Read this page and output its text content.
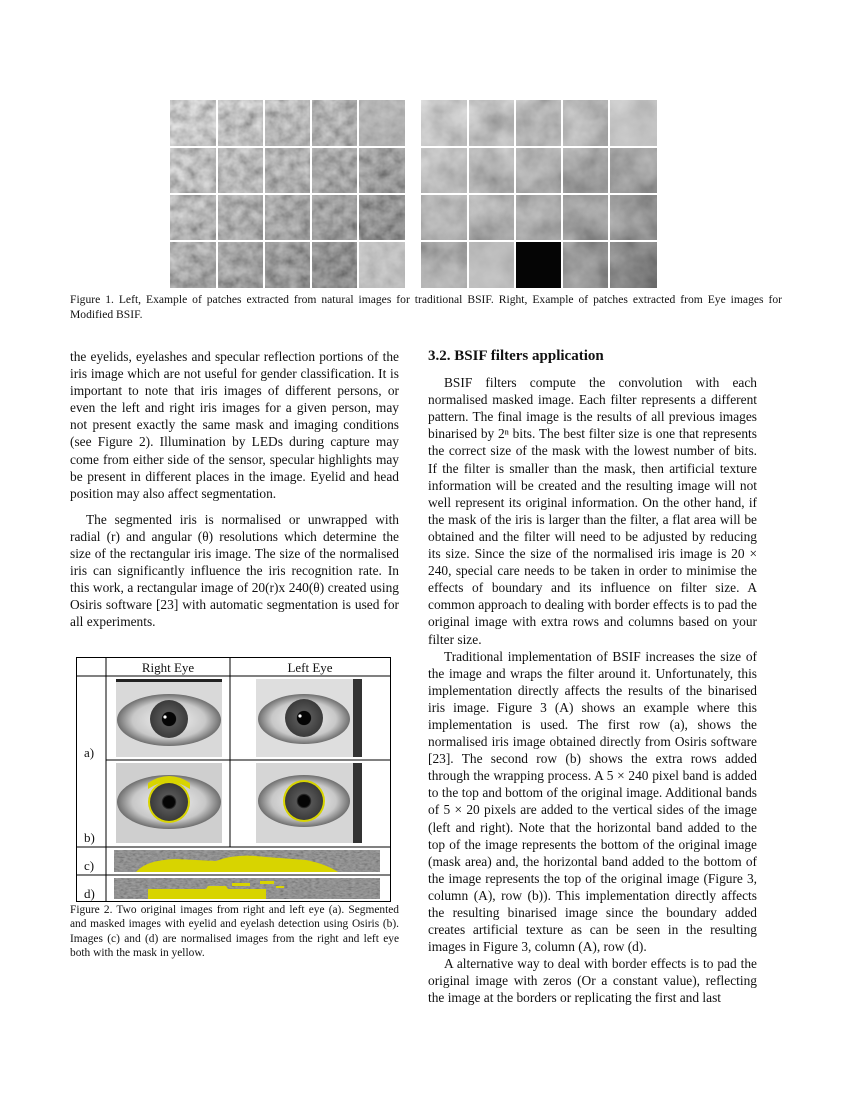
Figure 1. Left, Example of patches extracted from natural images for traditional BSIF. Right, Example of patches extracted from Eye images for Modified BSIF.

the eyelids, eyelashes and specular reflection portions of the iris image which are not useful for gender classification. It is important to note that iris images of different persons, or even the left and right iris images for a given person, may not present exactly the same mask and imaging conditions (see Figure 2). Illumination by LEDs during capture may come from either side of the sensor, specular highlights may be present in different places in the image. Eyelid and head position may also affect segmentation.

The segmented iris is normalised or unwrapped with radial (r) and angular (θ) resolutions which determine the size of the rectangular iris image. The size of the normalised iris can significantly influence the iris recognition rate. In this work, a rectangular image of 20(r)x 240(θ) created using Osiris software [23] with automatic segmentation is used for all experiments.

Right Eye	Left Eye
a)
b)
c)
d)
Figure 2. Two original images from right and left eye (a). Segmented and masked images with eyelid and eyelash detection using Osiris (b). Images (c) and (d) are normalised images from the right and left eye both with the mask in yellow.
3.2. BSIF filters application

BSIF filters compute the convolution with each normalised masked image. Each filter represents a different pattern. The final image is the results of all previous images binarised by 2ⁿ bits. The best filter size is one that represents the correct size of the mask with the lowest number of bits. If the filter is smaller than the mask, then artificial texture information will be created and the resulting image will not well represent its original information. On the other hand, if the mask of the iris is larger than the filter, a flat area will be obtained and the filter will need to be adjusted by reducing its size. Since the size of the normalised iris image is 20 × 240, special care needs to be taken in order to minimise the effects of boundary and its influence on filter size. A common approach to dealing with border effects is to pad the original image with extra rows and columns based on your filter size.

Traditional implementation of BSIF increases the size of the image and wraps the filter around it. Unfortunately, this implementation directly affects the results of the binarised iris image. Figure 3 (A) shows an example where this implementation is used. The first row (a), shows the normalised iris image obtained directly from Osiris software [23]. The second row (b) shows the extra rows added through the wrapping process. A 5 × 240 pixel band is added to the top and bottom of the original image. Additional bands of 5 × 20 pixels are added to the vertical sides of the image (left and right). Note that the horizontal band added to the top of the image represents the bottom of the original image (mask area) and, the horizontal band added to the bottom of the image represents the top of the original image (Figure 3, column (A), row (b)). This implementation directly affects the resulting binarised image since the boundary added creates artificial texture as can be seen in the resulting images in Figure 3, column (A), row (d).

A alternative way to deal with border effects is to pad the original image with zeros (Or a constant value), reflecting the image at the borders or replicating the first and last
